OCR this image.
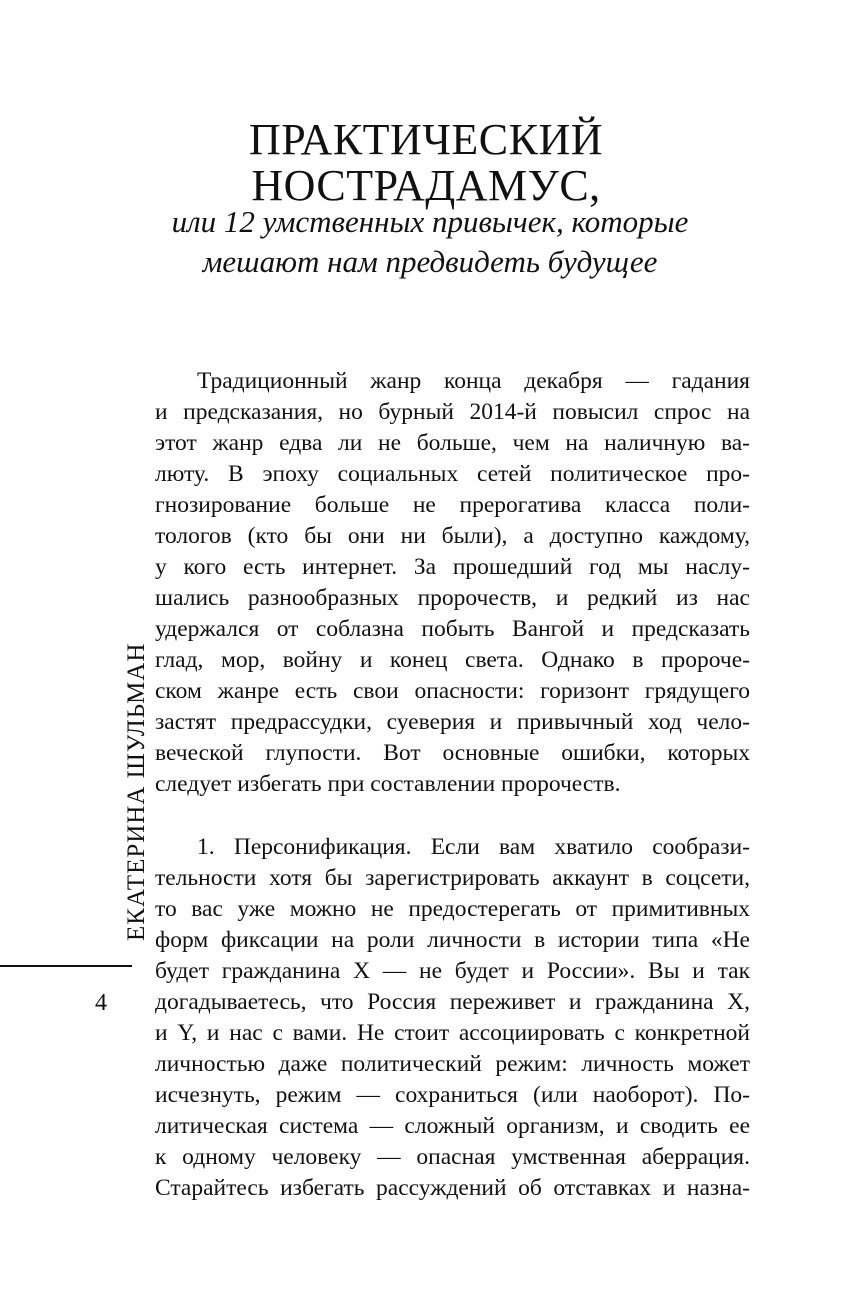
ПРАКТИЧЕСКИЙ
НОСТРАДАМУС,

или 12 умственных привычек, которые

мешают нам предвидеть будущее

Традиционный жанр конца декабря — гадания
и предсказания, но бурный 2014-й повысил спрос на
этот жанр едва ли не больше, чем на наличную ва-
люту. В эпоху социальных сетей политическое про-
гнозирование больше не прерогатива класса поли-
тологов (кто бы они ни были), а доступно каждому,
у кого есть интернет. За прошедший год мы наслу-
шались разнообразных пророчеств, и редкий из нас
удержался от соблазна побыть Вангой и предсказать
глад, мор, войну и конец света. Однако в пророче-
ском жанре есть свои опасности: горизонт грядущего
застят предрассудки, суеверия и привычный ход чело-
веческой глупости. Вот основные ошибки, которых
следует избегать при составлении пророчеств.
1. Персонификация. Если вам хватило сообрази-
тельности хотя бы зарегистрировать аккаунт в соцсети,
то вас уже можно не предостерегать от примитивных
форм фиксации на роли личности в истории типа «Не
будет гражданина X — не будет и России». Вы и так
догадываетесь, что Россия переживет и гражданина X,
и Y, и нас с вами. Не стоит ассоциировать с конкретной
личностью даже политический режим: личность может
исчезнуть, режим — сохраниться (или наоборот). По-
литическая система — сложный организм, и сводить ее
к одному человеку — опасная умственная аберрация.
Старайтесь избегать рассуждений об отставках и назна-
ЕКАТЕРИНА ШУЛЬМАН
4
